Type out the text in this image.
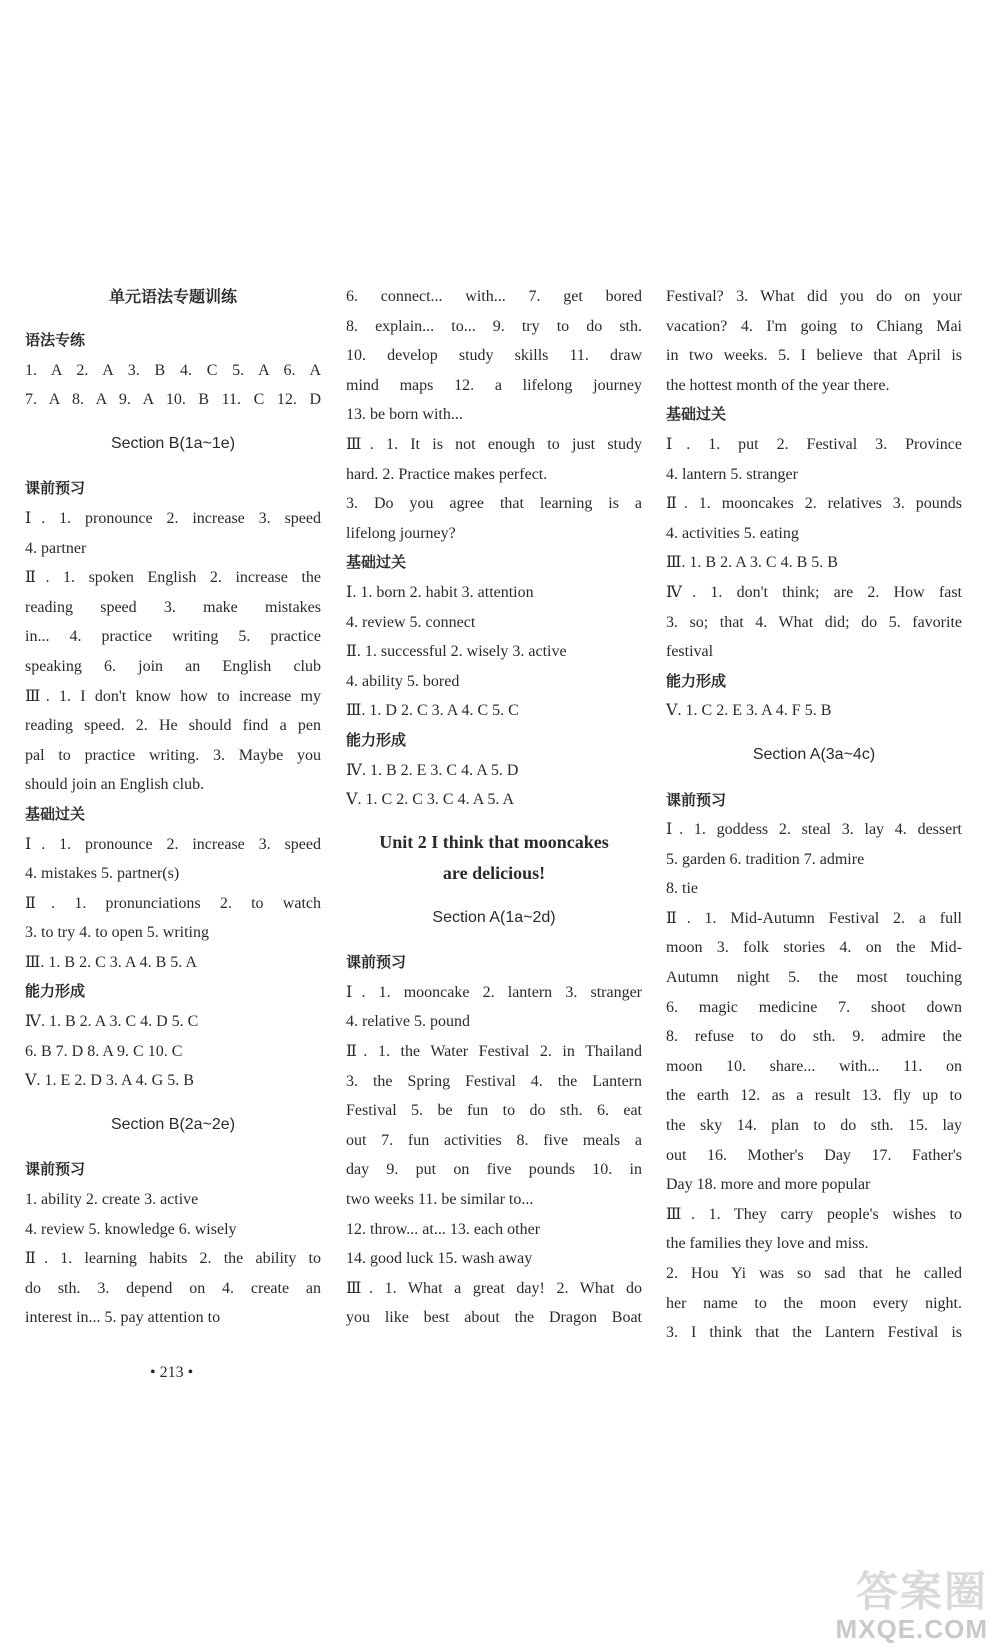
单元语法专题训练
语法专练
1. A 2. A 3. B 4. C 5. A 6. A
7. A 8. A 9. A 10. B 11. C 12. D
Section B(1a~1e)
课前预习
Ⅰ. 1. pronounce 2. increase 3. speed
4. partner
Ⅱ. 1. spoken English 2. increase the
reading speed 3. make mistakes
in... 4. practice writing 5. practice
speaking 6. join an English club
Ⅲ. 1. I don't know how to increase my
reading speed. 2. He should find a pen
pal to practice writing. 3. Maybe you
should join an English club.
基础过关
Ⅰ. 1. pronounce 2. increase 3. speed
4. mistakes 5. partner(s)
Ⅱ. 1. pronunciations 2. to watch
3. to try 4. to open 5. writing
Ⅲ. 1. B 2. C 3. A 4. B 5. A
能力形成
Ⅳ. 1. B 2. A 3. C 4. D 5. C
6. B 7. D 8. A 9. C 10. C
Ⅴ. 1. E 2. D 3. A 4. G 5. B
Section B(2a~2e)
课前预习
1. ability 2. create 3. active
4. review 5. knowledge 6. wisely
Ⅱ. 1. learning habits 2. the ability to
do sth. 3. depend on 4. create an
interest in... 5. pay attention to
6. connect... with... 7. get bored
8. explain... to... 9. try to do sth.
10. develop study skills 11. draw
mind maps 12. a lifelong journey
13. be born with...
Ⅲ. 1. It is not enough to just study
hard. 2. Practice makes perfect.
3. Do you agree that learning is a
lifelong journey?
基础过关
Ⅰ. 1. born 2. habit 3. attention
4. review 5. connect
Ⅱ. 1. successful 2. wisely 3. active
4. ability 5. bored
Ⅲ. 1. D 2. C 3. A 4. C 5. C
能力形成
Ⅳ. 1. B 2. E 3. C 4. A 5. D
Ⅴ. 1. C 2. C 3. C 4. A 5. A
Unit 2 I think that mooncakes
are delicious!
Section A(1a~2d)
课前预习
Ⅰ. 1. mooncake 2. lantern 3. stranger
4. relative 5. pound
Ⅱ. 1. the Water Festival 2. in Thailand
3. the Spring Festival 4. the Lantern
Festival 5. be fun to do sth. 6. eat
out 7. fun activities 8. five meals a
day 9. put on five pounds 10. in
two weeks 11. be similar to...
12. throw... at... 13. each other
14. good luck 15. wash away
Ⅲ. 1. What a great day! 2. What do
you like best about the Dragon Boat
Festival? 3. What did you do on your
vacation? 4. I'm going to Chiang Mai
in two weeks. 5. I believe that April is
the hottest month of the year there.
基础过关
Ⅰ. 1. put 2. Festival 3. Province
4. lantern 5. stranger
Ⅱ. 1. mooncakes 2. relatives 3. pounds
4. activities 5. eating
Ⅲ. 1. B 2. A 3. C 4. B 5. B
Ⅳ. 1. don't think; are 2. How fast
3. so; that 4. What did; do 5. favorite
festival
能力形成
Ⅴ. 1. C 2. E 3. A 4. F 5. B
Section A(3a~4c)
课前预习
Ⅰ. 1. goddess 2. steal 3. lay 4. dessert
5. garden 6. tradition 7. admire
8. tie
Ⅱ. 1. Mid-Autumn Festival 2. a full
moon 3. folk stories 4. on the Mid-
Autumn night 5. the most touching
6. magic medicine 7. shoot down
8. refuse to do sth. 9. admire the
moon 10. share... with... 11. on
the earth 12. as a result 13. fly up to
the sky 14. plan to do sth. 15. lay
out 16. Mother's Day 17. Father's
Day 18. more and more popular
Ⅲ. 1. They carry people's wishes to
the families they love and miss.
2. Hou Yi was so sad that he called
her name to the moon every night.
3. I think that the Lantern Festival is
• 213 •
答案圈
MXQE.COM
